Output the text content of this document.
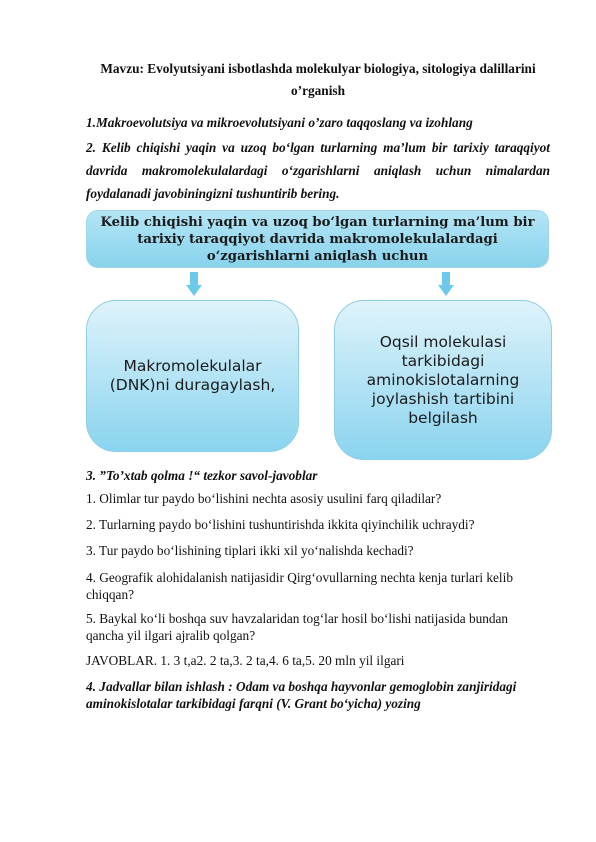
Mavzu: Evolyutsiyani isbotlashda molekulyar biologiya, sitologiya dalillarini
o’rganish
1.Makroevolutsiya va mikroevolutsiyani o’zaro taqqoslang va izohlang
2. Kelib chiqishi yaqin va uzoq bo‘lgan turlarning ma’lum bir tarixiy taraqqiyot
davrida makromolekulalardagi o‘zgarishlarni aniqlash uchun nimalardan
foydalanadi javobiningizni tushuntirib bering.
Kelib chiqishi yaqin va uzoq bo‘lgan turlarning ma’lum bir
tarixiy taraqqiyot davrida makromolekulalardagi
o‘zgarishlarni aniqlash uchun
Makromolekulalar
(DNK)ni duragaylash,
Oqsil molekulasi
tarkibidagi
aminokislotalarning
joylashish tartibini
belgilash
3. ”To’xtab qolma !“ tezkor savol-javoblar
1. Olimlar tur paydo bo‘lishini nechta asosiy usulini farq qiladilar?
2. Turlarning paydo bo‘lishini tushuntirishda ikkita qiyinchilik uchraydi?
3. Tur paydo bo‘lishining tiplari ikki xil yo‘nalishda kechadi?
4. Geografik alohidalanish natijasidir Qirg‘ovullarning nechta kenja turlari kelib
chiqqan?
5. Baykal ko‘li boshqa suv havzalaridan tog‘lar hosil bo‘lishi natijasida bundan
qancha yil ilgari ajralib qolgan?
JAVOBLAR. 1. 3 t,a2. 2 ta,3. 2 ta,4. 6 ta,5. 20 mln yil ilgari
4. Jadvallar bilan ishlash : Odam va boshqa hayvonlar gemoglobin zanjiridagi
aminokislotalar tarkibidagi farqni (V. Grant bo‘yicha) yozing
